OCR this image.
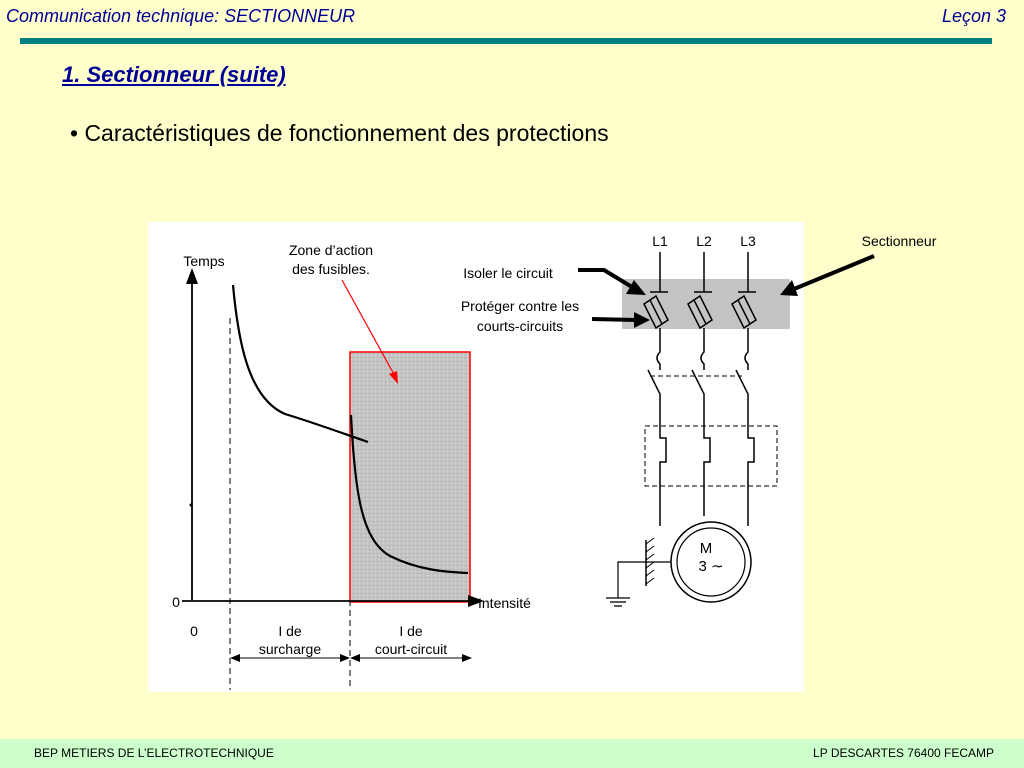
Communication technique: SECTIONNEUR	Leçon 3
1. Sectionneur (suite)
• Caractéristiques de fonctionnement des protections
Temps
Intensité
0
0	I de
surcharge
I de
court-circuit
Zone d’action
des fusibles.	Isoler le circuit
Protéger contre les
courts-circuits
Sectionneur
L1	L2	L3
M
3 ∼
BEP METIERS DE L’ELECTROTECHNIQUE	LP DESCARTES 76400 FECAMP
